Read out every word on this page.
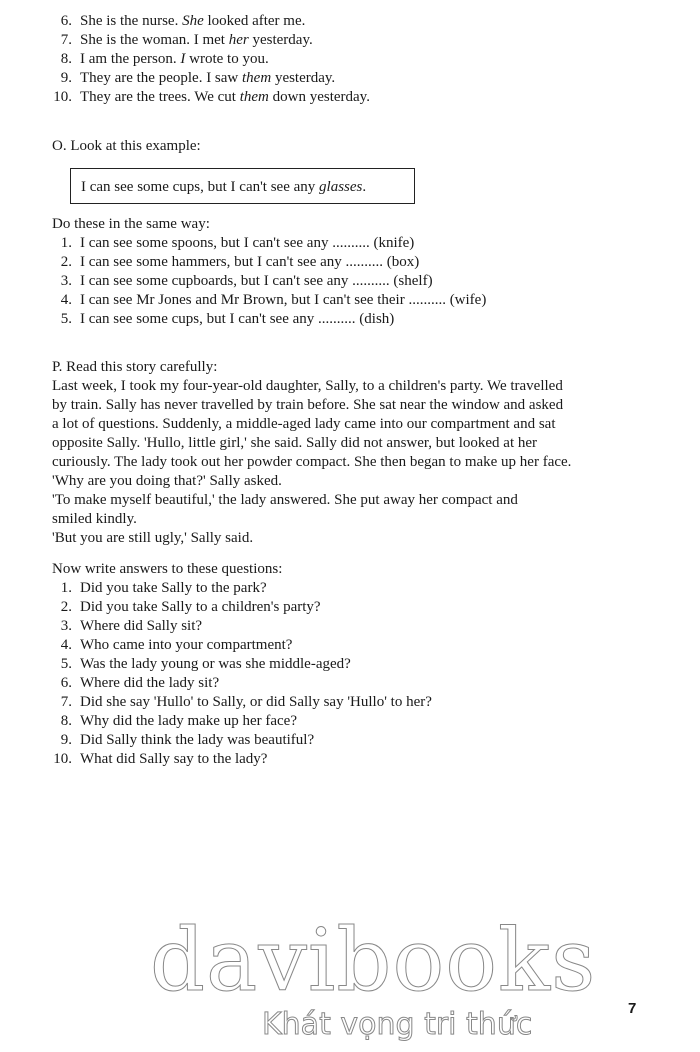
6. She is the nurse. She looked after me.
7. She is the woman. I met her yesterday.
8. I am the person. I wrote to you.
9. They are the people. I saw them yesterday.
10. They are the trees. We cut them down yesterday.
O. Look at this example:
I can see some cups, but I can't see any glasses.
Do these in the same way:
1. I can see some spoons, but I can't see any .......... (knife)
2. I can see some hammers, but I can't see any .......... (box)
3. I can see some cupboards, but I can't see any .......... (shelf)
4. I can see Mr Jones and Mr Brown, but I can't see their .......... (wife)
5. I can see some cups, but I can't see any .......... (dish)
P. Read this story carefully:
Last week, I took my four-year-old daughter, Sally, to a children's party. We travelled
by train. Sally has never travelled by train before. She sat near the window and asked
a lot of questions. Suddenly, a middle-aged lady came into our compartment and sat
opposite Sally. 'Hullo, little girl,' she said. Sally did not answer, but looked at her
curiously. The lady took out her powder compact. She then began to make up her face.
'Why are you doing that?' Sally asked.
'To make myself beautiful,' the lady answered. She put away her compact and
smiled kindly.
'But you are still ugly,' Sally said.
Now write answers to these questions:
1. Did you take Sally to the park?
2. Did you take Sally to a children's party?
3. Where did Sally sit?
4. Who came into your compartment?
5. Was the lady young or was she middle-aged?
6. Where did the lady sit?
7. Did she say 'Hullo' to Sally, or did Sally say 'Hullo' to her?
8. Why did the lady make up her face?
9. Did Sally think the lady was beautiful?
10. What did Sally say to the lady?
davibooks
Khát vọng tri thức	7
